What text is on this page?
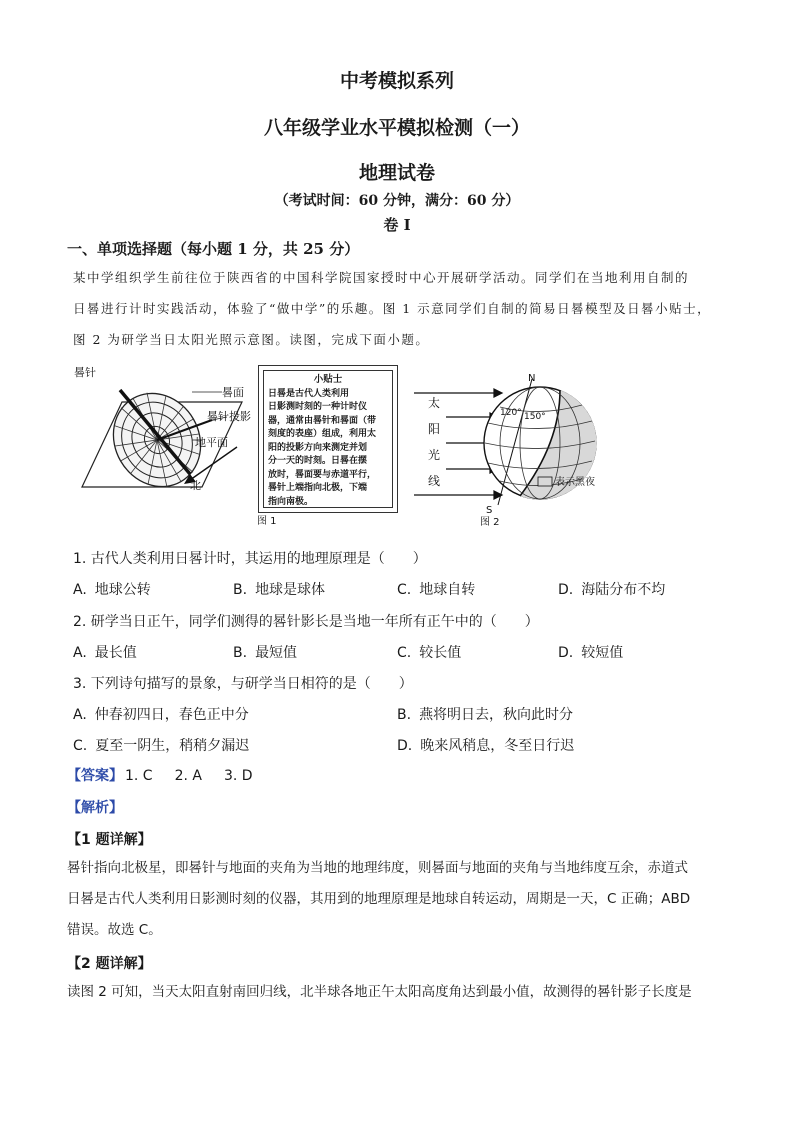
中考模拟系列
八年级学业水平模拟检测（一）
地理试卷
（考试时间：60 分钟，满分：60 分）
卷 I
一、单项选择题（每小题 1 分，共 25 分）

某中学组织学生前往位于陕西省的中国科学院国家授时中心开展研学活动。同学们在当地利用自制的

日晷进行计时实践活动，体验了“做中学”的乐趣。图 1 示意同学们自制的简易日晷模型及日晷小贴士，

图 2 为研学当日太阳光照示意图。读图，完成下面小题。

晷针
晷面
晷针投影
地平面
北
图 1
小贴士
日晷是古代人类利用
日影测时刻的一种计时仪
器，通常由晷针和晷面（带
刻度的表座）组成，利用太
阳的投影方向来测定并划
分一天的时刻。日晷在摆
放时，晷面要与赤道平行，
晷针上端指向北极，下端
指向南极。
太
阳
光
线
N
S
120° 150°
表示黑夜
图 2
1. 古代人类利用日晷计时，其运用的地理原理是（　　）
A. 地球公转	B. 地球是球体	C. 地球自转	D. 海陆分布不均
2. 研学当日正午，同学们测得的晷针影长是当地一年所有正午中的（　　）
A. 最长值	B. 最短值	C. 较长值	D. 较短值
3. 下列诗句描写的景象，与研学当日相符的是（　　）
A. 仲春初四日，春色正中分	B. 燕将明日去，秋向此时分
C. 夏至一阴生，稍稍夕漏迟	D. 晚来风稍息，冬至日行迟
【答案】 1. C 2. A 3. D
【解析】
【1 题详解】

晷针指向北极星，即晷针与地面的夹角为当地的地理纬度，则晷面与地面的夹角与当地纬度互余，赤道式

日晷是古代人类利用日影测时刻的仪器，其用到的地理原理是地球自转运动，周期是一天，C 正确；ABD

错误。故选 C。

【2 题详解】

读图 2 可知，当天太阳直射南回归线，北半球各地正午太阳高度角达到最小值，故测得的晷针影子长度是
